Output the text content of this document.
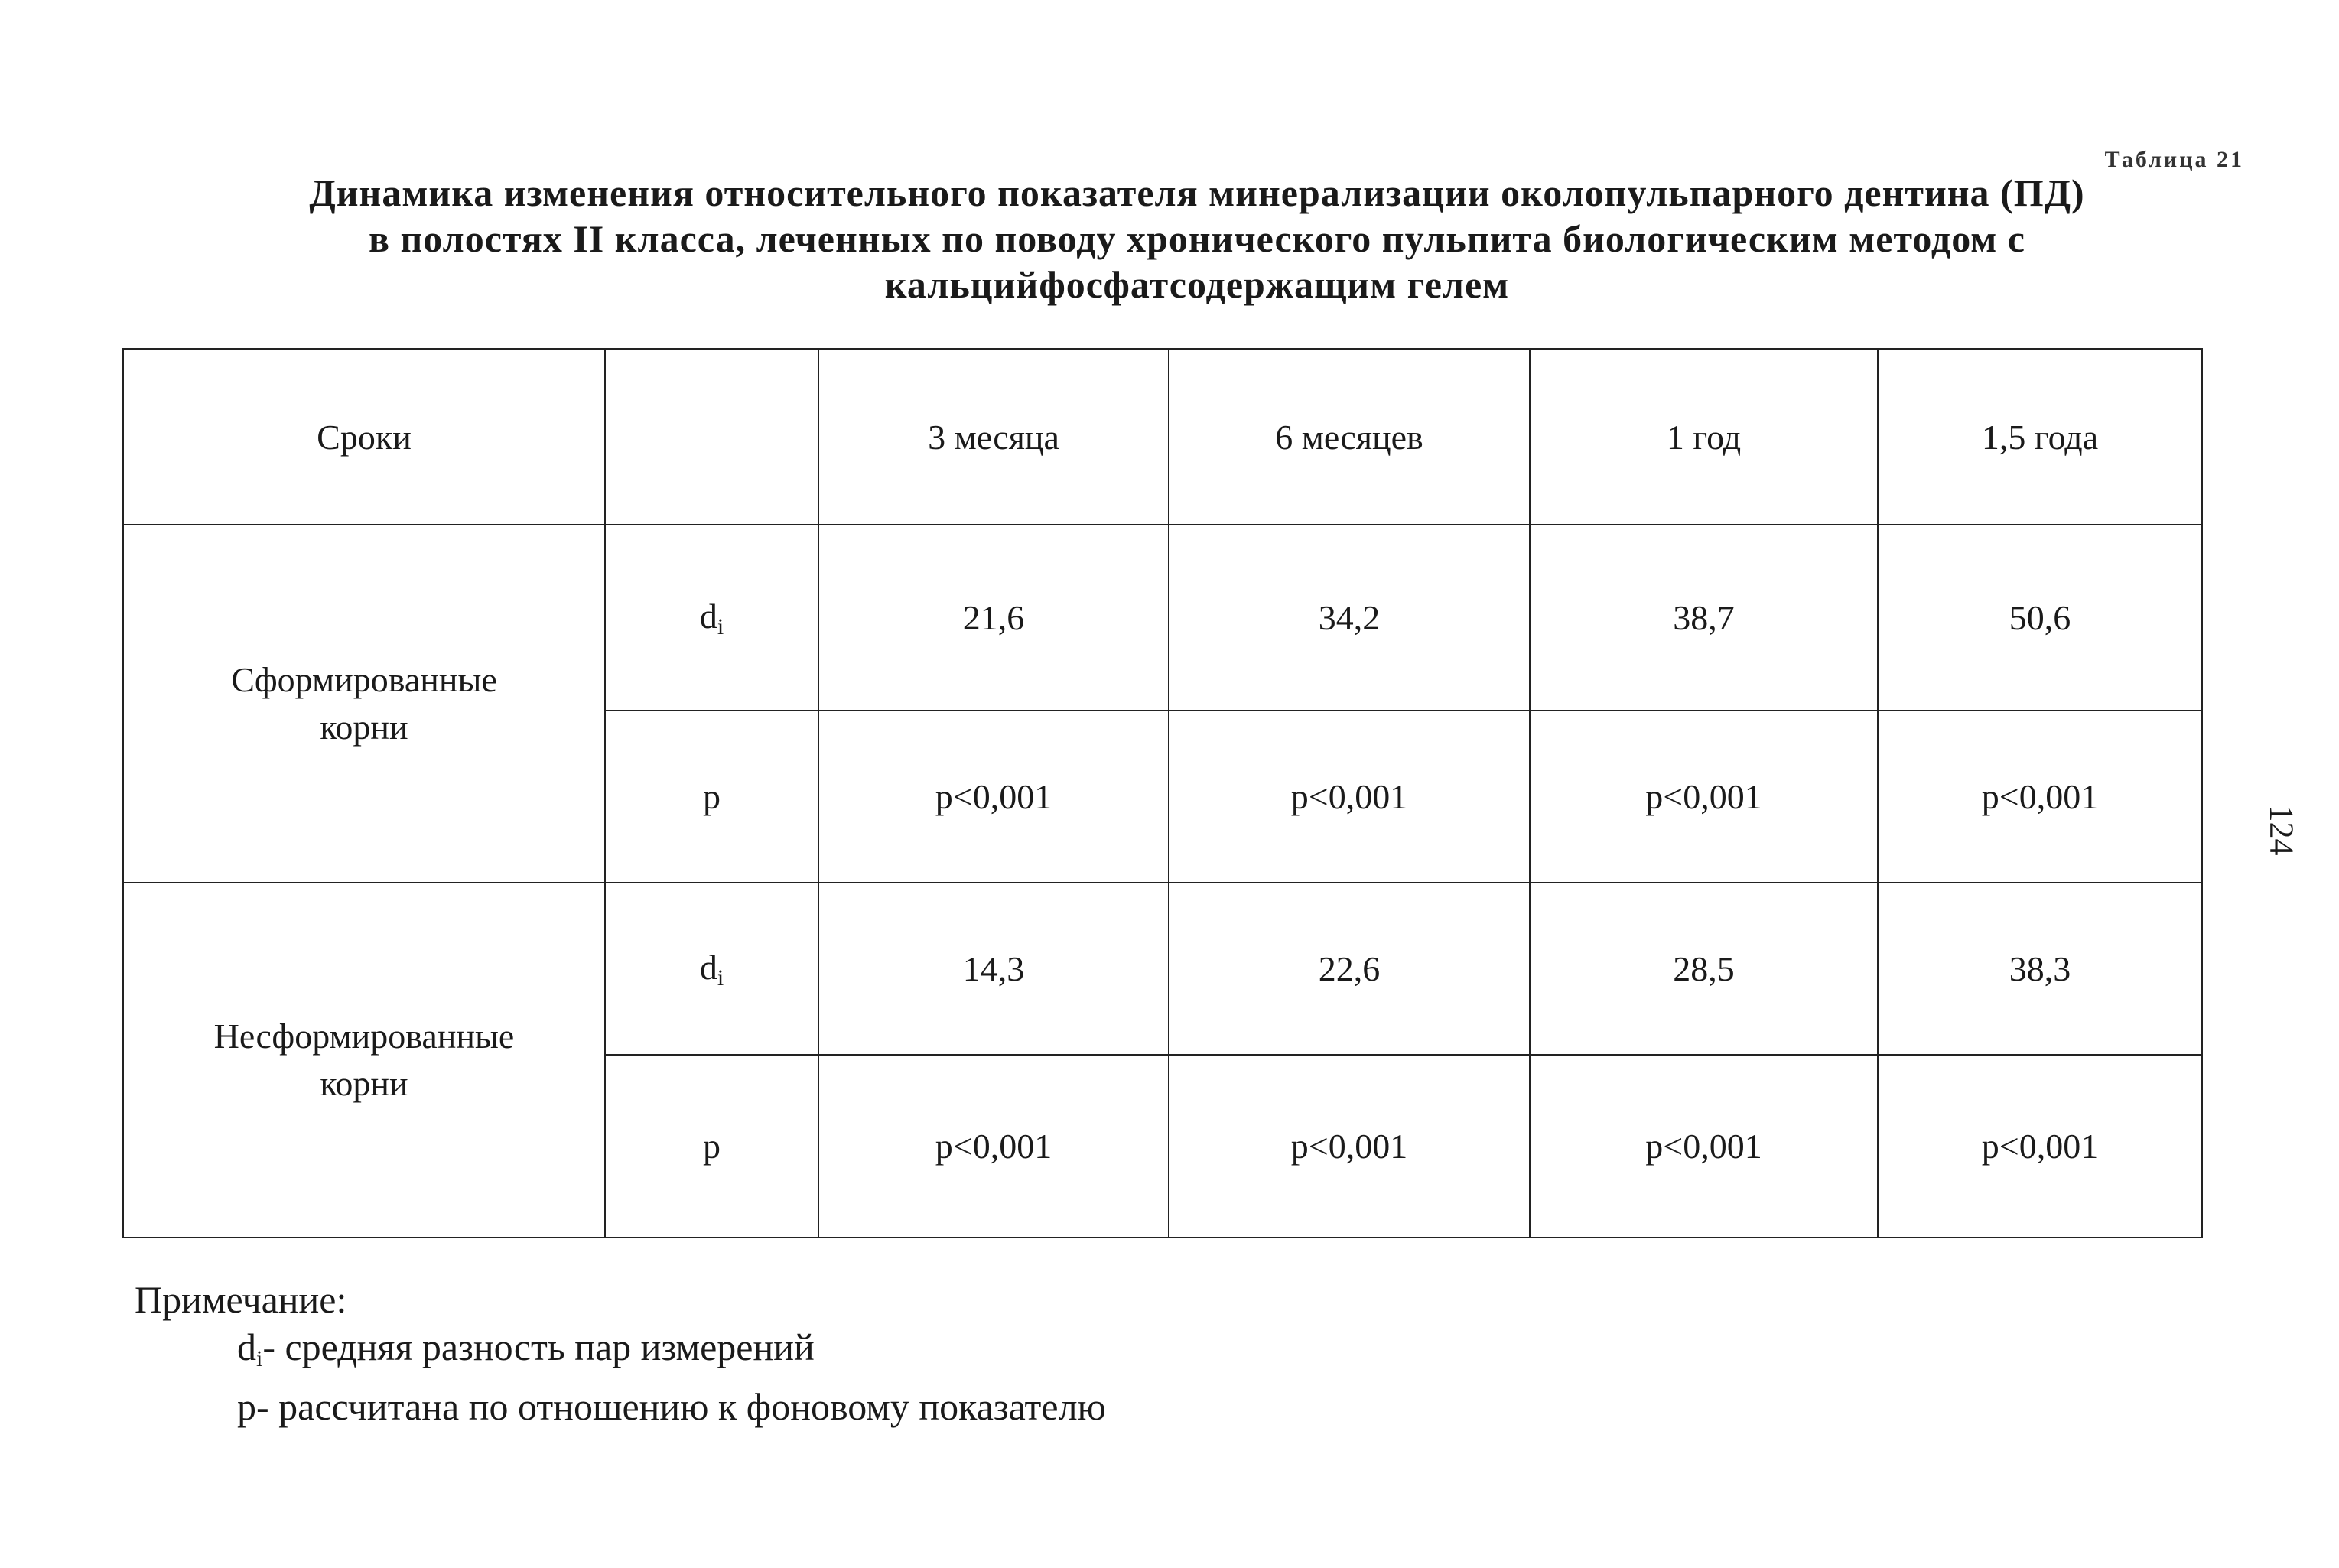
Таблица 21
Динамика изменения относительного показателя минерализации околопульпарного дентина (ПД)
в полостях II класса, леченных по поводу хронического пульпита биологическим методом с
кальцийфосфатсодержащим гелем
Сроки		3 месяца	6 месяцев	1 год	1,5 года
Сформированные
корни	$d_i$	21,6	34,2	38,7	50,6
	p	p<0,001	p<0,001	p<0,001	p<0,001
Несформированные
корни	$d_i$	14,3	22,6	28,5	38,3
	p	p<0,001	p<0,001	p<0,001	p<0,001
Примечание:
$d_i-$ средняя разность пар измерений
р- рассчитана по отношению к фоновому показателю
124
